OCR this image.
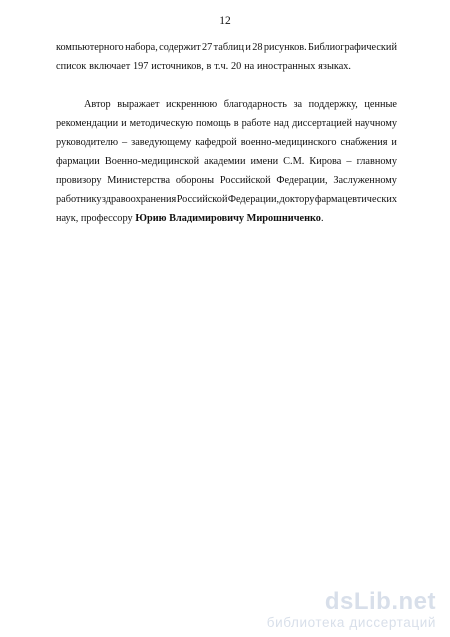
12
компьютерного набора, содержит 27 таблиц и 28 рисунков. Библиографический
список включает 197 источников, в т.ч. 20 на иностранных языках.
Автор выражает искреннюю благодарность за поддержку, ценные
рекомендации и методическую помощь в работе над диссертацией научному
руководителю – заведующему кафедрой военно-медицинского снабжения и
фармации Военно-медицинской академии имени С.М. Кирова – главному
провизору Министерства обороны Российской Федерации, Заслуженному
работнику здравоохранения Российской Федерации, доктору фармацевтических
наук, профессору Юрию Владимировичу Мирошниченко .
dsLib.net
библиотека диссертаций
